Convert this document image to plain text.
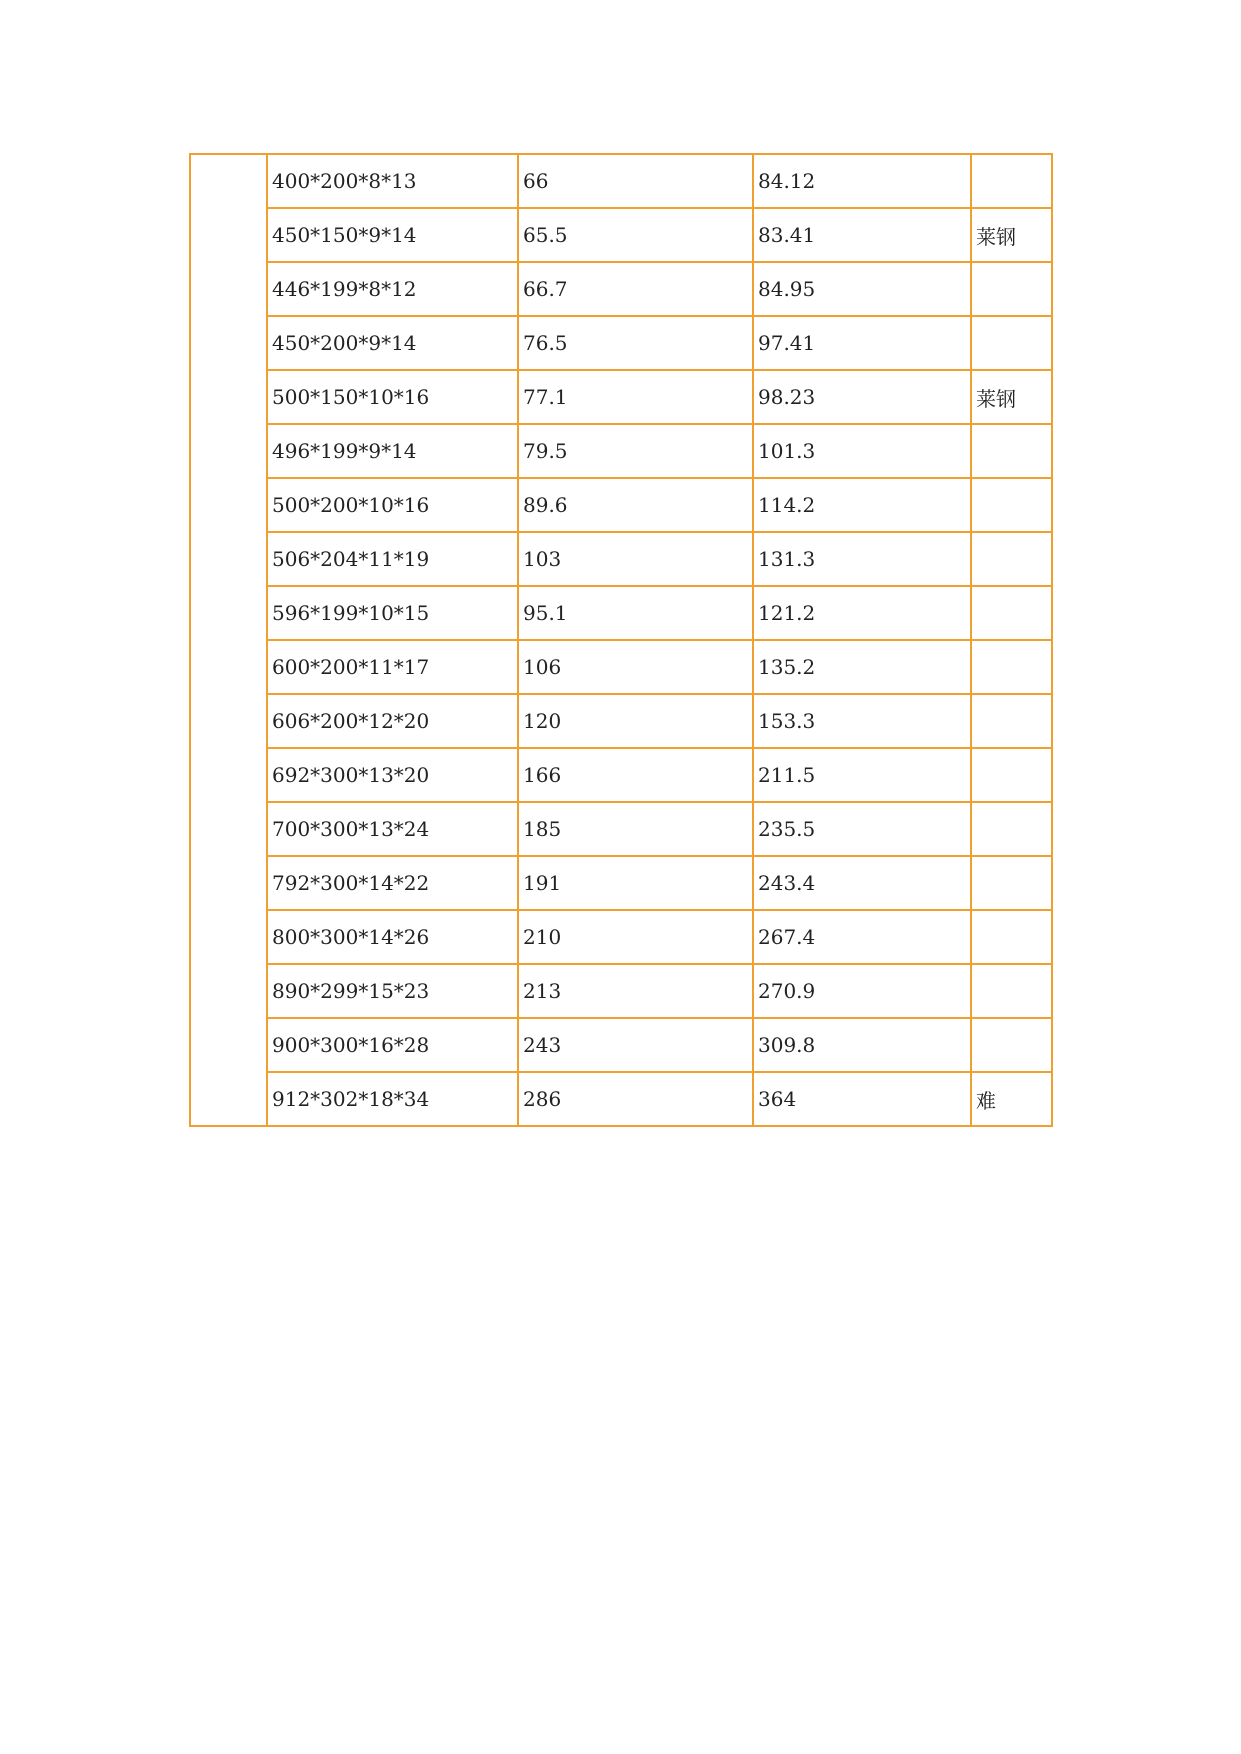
	400*200*8*13	66	84.12	
	450*150*9*14	65.5	83.41	莱钢
	446*199*8*12	66.7	84.95	
	450*200*9*14	76.5	97.41	
	500*150*10*16	77.1	98.23	莱钢
	496*199*9*14	79.5	101.3	
	500*200*10*16	89.6	114.2	
	506*204*11*19	103	131.3	
	596*199*10*15	95.1	121.2	
	600*200*11*17	106	135.2	
	606*200*12*20	120	153.3	
	692*300*13*20	166	211.5	
	700*300*13*24	185	235.5	
	792*300*14*22	191	243.4	
	800*300*14*26	210	267.4	
	890*299*15*23	213	270.9	
	900*300*16*28	243	309.8	
	912*302*18*34	286	364	难
